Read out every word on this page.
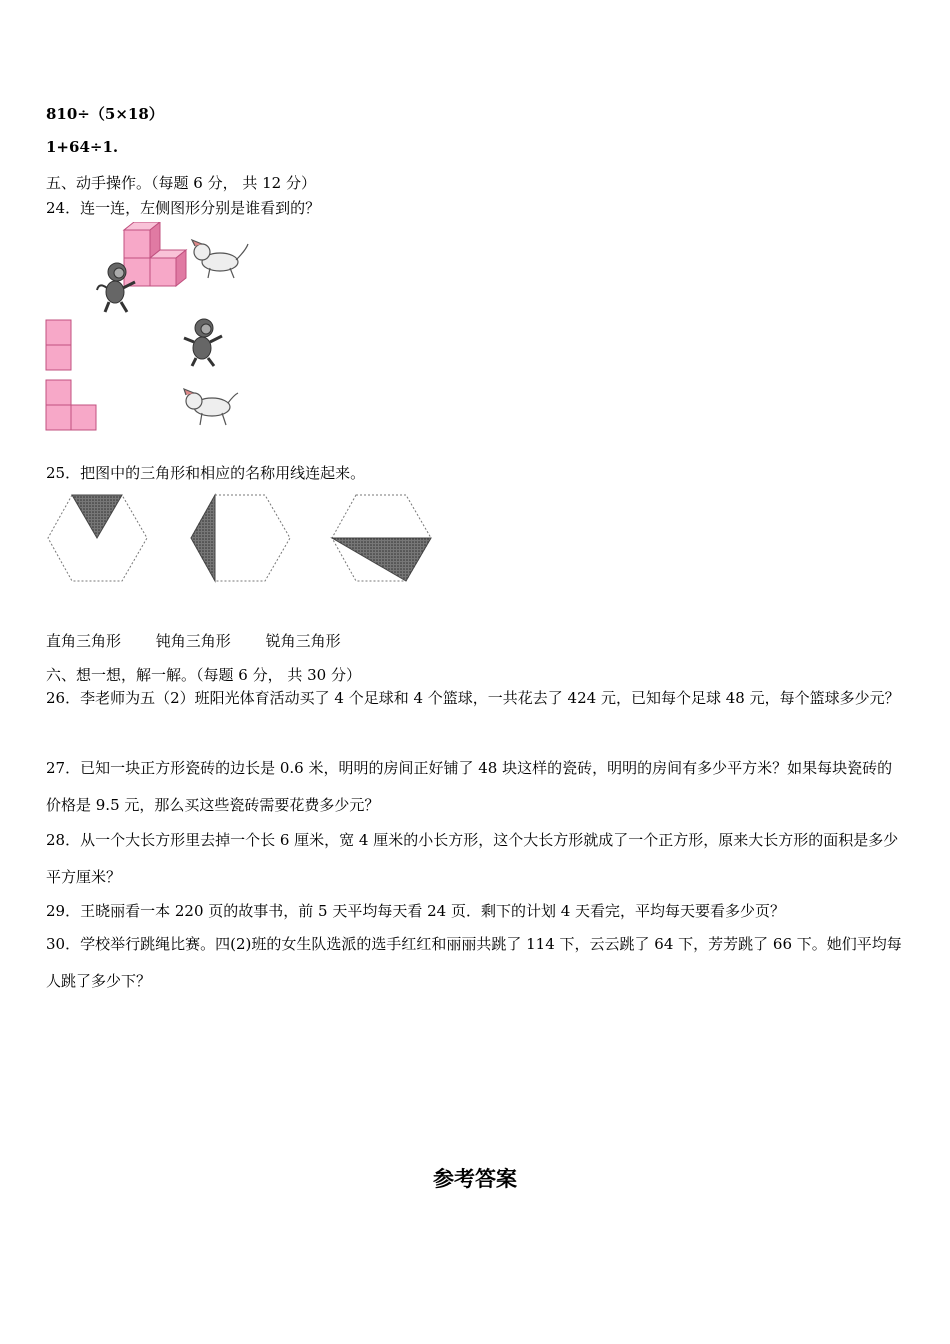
810÷（5×18）
1+64÷1.
五、动手操作。（每题 6 分， 共 12 分）
24．连一连，左侧图形分别是谁看到的？
25．把图中的三角形和相应的名称用线连起来。
直角三角形 钝角三角形 锐角三角形
六、想一想，解一解。（每题 6 分， 共 30 分）
26．李老师为五（2）班阳光体育活动买了 4 个足球和 4 个篮球，一共花去了 424 元，已知每个足球 48 元，每个篮球多少元？
27．已知一块正方形瓷砖的边长是 0.6 米，明明的房间正好铺了 48 块这样的瓷砖，明明的房间有多少平方米？如果每块瓷砖的价格是 9.5 元，那么买这些瓷砖需要花费多少元？
28．从一个大长方形里去掉一个长 6 厘米，宽 4 厘米的小长方形，这个大长方形就成了一个正方形，原来大长方形的面积是多少平方厘米？
29．王晓丽看一本 220 页的故事书，前 5 天平均每天看 24 页．剩下的计划 4 天看完，平均每天要看多少页？
30．学校举行跳绳比赛。四(2)班的女生队选派的选手红红和丽丽共跳了 114 下，云云跳了 64 下，芳芳跳了 66 下。她们平均每人跳了多少下？
参考答案
